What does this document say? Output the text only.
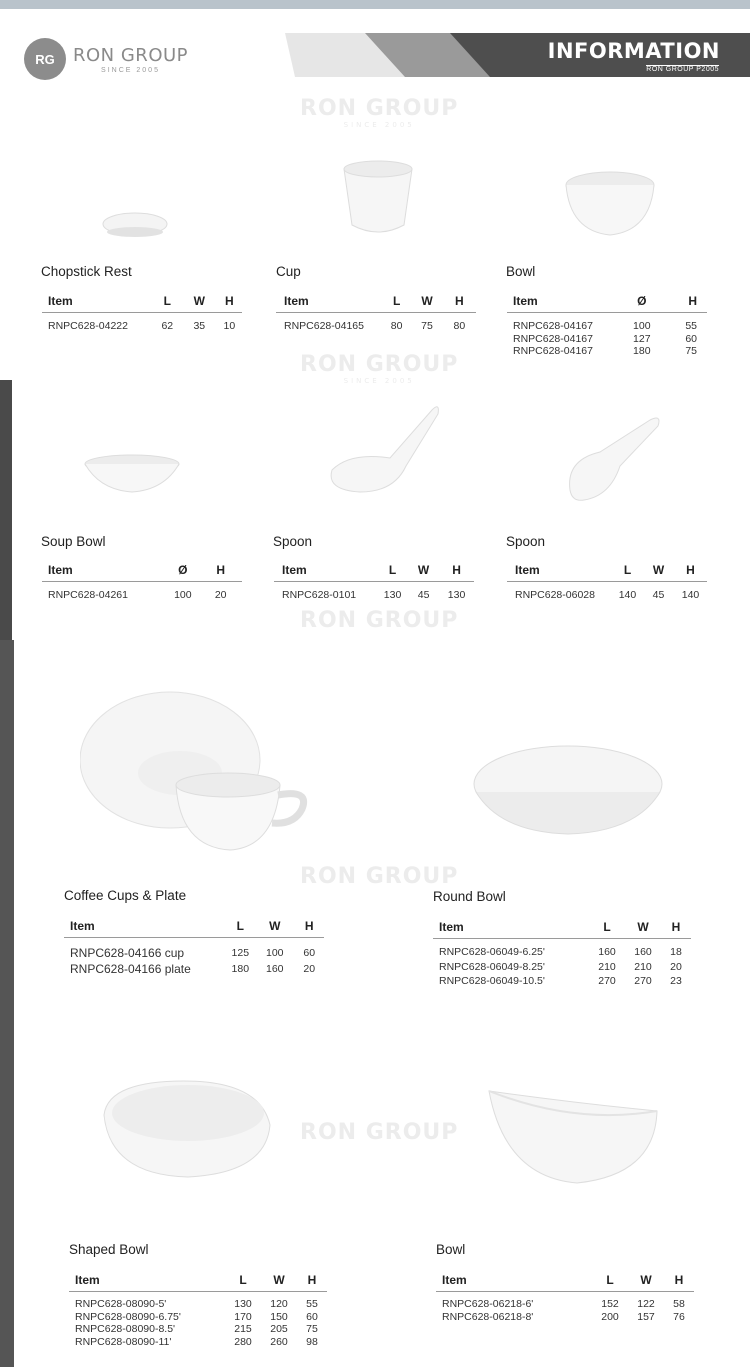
RG	RON GROUP
SINCE 2005
INFORMATION
RON GROUP P2005
RON GROUP
SINCE 2005
RON GROUP
SINCE 2005
RON GROUP
RON GROUP
RON GROUP
Chopstick Rest
Item	L	W	H
RNPC628-04222	62	35	10
Cup
Item	L	W	H
RNPC628-04165	80	75	80
Bowl
Item	Ø	H
RNPC628-04167	100	55
RNPC628-04167	127	60
RNPC628-04167	180	75
Soup Bowl
Item	Ø	H
RNPC628-04261	100	20
Spoon
Item	L	W	H
RNPC628-0101	130	45	130
Spoon
Item	L	W	H
RNPC628-06028	140	45	140
Coffee Cups & Plate
Item	L	W	H
RNPC628-04166 cup	125	100	60
RNPC628-04166 plate	180	160	20
Round Bowl
Item	L	W	H
RNPC628-06049-6.25'	160	160	18
RNPC628-06049-8.25'	210	210	20
RNPC628-06049-10.5'	270	270	23
Shaped Bowl
Item	L	W	H
RNPC628-08090-5'	130	120	55
RNPC628-08090-6.75'	170	150	60
RNPC628-08090-8.5'	215	205	75
RNPC628-08090-11'	280	260	98
Bowl
Item	L	W	H
RNPC628-06218-6'	152	122	58
RNPC628-06218-8'	200	157	76
